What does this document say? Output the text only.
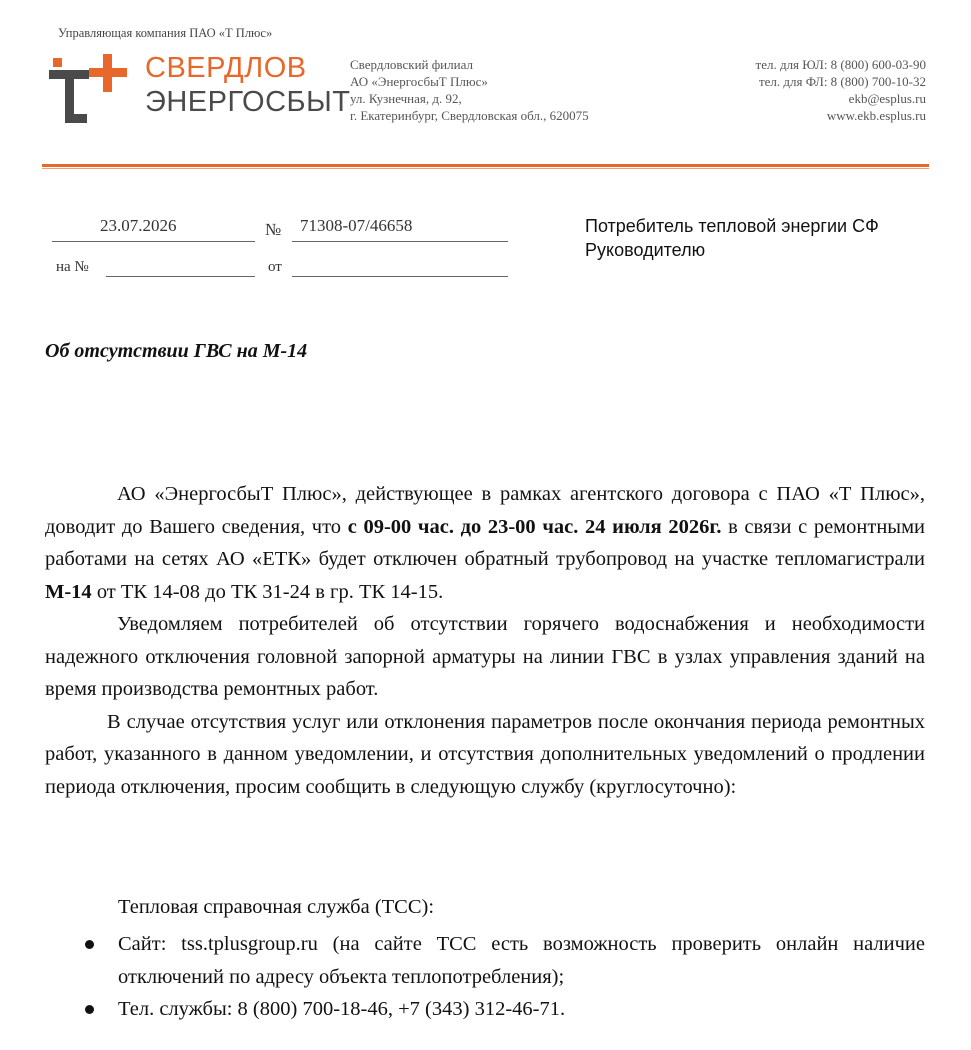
Управляющая компания ПАО «Т Плюс»
СВЕРДЛОВ
ЭНЕРГОСБЫТ
Свердловский филиал
АО «ЭнергосбыТ Плюс»
ул. Кузнечная, д. 92,
г. Екатеринбург, Свердловская обл., 620075
тел. для ЮЛ: 8 (800) 600-03-90
тел. для ФЛ: 8 (800) 700-10-32
ekb@esplus.ru
www.ekb.esplus.ru
23.07.2026	№ 71308-07/46658
на №	от
Потребитель тепловой энергии СФ
Руководителю
Об отсутствии ГВС на М-14

АО «ЭнергосбыТ Плюс», действующее в рамках агентского договора с ПАО «Т Плюс», доводит до Вашего сведения, что с 09-00 час. до 23-00 час. 24 июля 2026г. в связи с ремонтными работами на сетях АО «ЕТК» будет отключен обратный трубопровод на участке тепломагистрали М-14 от ТК 14-08 до ТК 31-24 в гр. ТК 14-15.

Уведомляем потребителей об отсутствии горячего водоснабжения и необходимости надежного отключения головной запорной арматуры на линии ГВС в узлах управления зданий на время производства ремонтных работ.

В случае отсутствия услуг или отклонения параметров после окончания периода ремонтных работ, указанного в данном уведомлении, и отсутствия дополнительных уведомлений о продлении периода отключения, просим сообщить в следующую службу (круглосуточно):

Тепловая справочная служба (ТСС):

Сайт: tss.tplusgroup.ru (на сайте ТСС есть возможность проверить онлайн наличие отключений по адресу объекта теплопотребления);

Тел. службы: 8 (800) 700-18-46, +7 (343) 312-46-71.
